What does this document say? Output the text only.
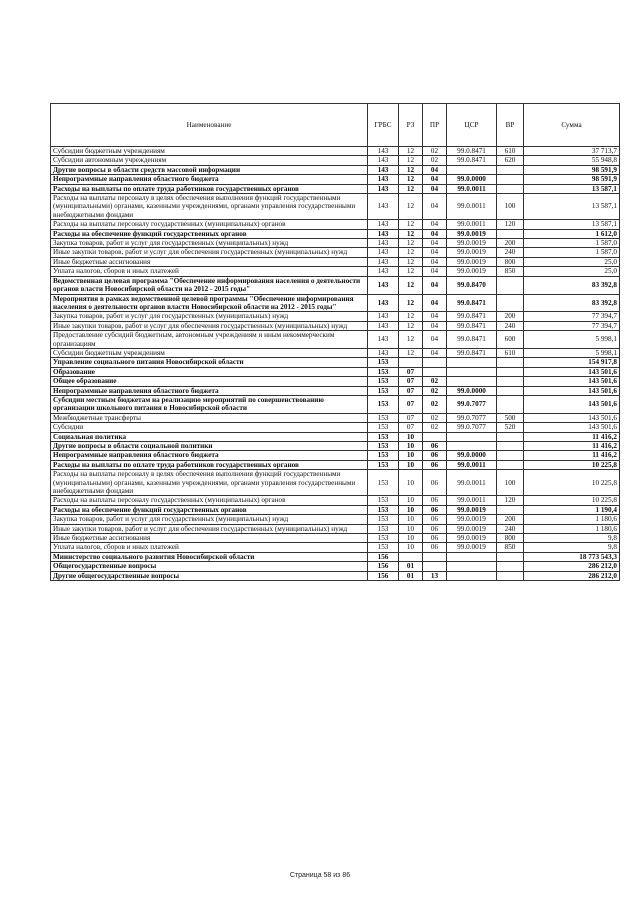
Наименование	ГРБС	РЗ	ПР	ЦСР	ВР	Сумма
Субсидии бюджетным учреждениям	143	12	02	99.0.8471	610	37 713,7
Субсидии автономным учреждениям	143	12	02	99.0.8471	620	55 948,8
Другие вопросы в области средств массовой информации	143	12	04			98 591,9
Непрограммные направления областного бюджета	143	12	04	99.0.0000		98 591,9
Расходы на выплаты по оплате труда работников государственных органов	143	12	04	99.0.0011		13 587,1
Расходы на выплаты персоналу в целях обеспечения выполнения функций государственными (муниципальными) органами, казенными учреждениями, органами управления государственными внебюджетными фондами	143	12	04	99.0.0011	100	13 587,1
Расходы на выплаты персоналу государственных (муниципальных) органов	143	12	04	99.0.0011	120	13 587,1
Расходы на обеспечение функций государственных органов	143	12	04	99.0.0019		1 612,0
Закупка товаров, работ и услуг для государственных (муниципальных) нужд	143	12	04	99.0.0019	200	1 587,0
Иные закупки товаров, работ и услуг для обеспечения государственных (муниципальных) нужд	143	12	04	99.0.0019	240	1 587,0
Иные бюджетные ассигнования	143	12	04	99.0.0019	800	25,0
Уплата налогов, сборов и иных платежей	143	12	04	99.0.0019	850	25,0
Ведомственная целевая программа "Обеспечение информирования населения о деятельности органов власти Новосибирской области на 2012 - 2015 годы"	143	12	04	99.0.8470		83 392,8
Мероприятия в рамках ведомственной целевой программы "Обеспечение информирования населения о деятельности органов власти Новосибирской области на 2012 - 2015 годы"	143	12	04	99.0.8471		83 392,8
Закупка товаров, работ и услуг для государственных (муниципальных) нужд	143	12	04	99.0.8471	200	77 394,7
Иные закупки товаров, работ и услуг для обеспечения государственных (муниципальных) нужд	143	12	04	99.0.8471	240	77 394,7
Предоставление субсидий бюджетным, автономным учреждениям и иным некоммерческим организациям	143	12	04	99.0.8471	600	5 998,1
Субсидии бюджетным учреждениям	143	12	04	99.0.8471	610	5 998,1
Управление социального питания Новосибирской области	153					154 917,8
Образование	153	07				143 501,6
Общее образование	153	07	02			143 501,6
Непрограммные направления областного бюджета	153	07	02	99.0.0000		143 501,6
Субсидии местным бюджетам на реализацию мероприятий по совершенствованию организации школьного питания в Новосибирской области	153	07	02	99.0.7077		143 501,6
Межбюджетные трансферты	153	07	02	99.0.7077	500	143 501,6
Субсидии	153	07	02	99.0.7077	520	143 501,6
Социальная политика	153	10				11 416,2
Другие вопросы в области социальной политики	153	10	06			11 416,2
Непрограммные направления областного бюджета	153	10	06	99.0.0000		11 416,2
Расходы на выплаты по оплате труда работников государственных органов	153	10	06	99.0.0011		10 225,8
Расходы на выплаты персоналу в целях обеспечения выполнения функций государственными (муниципальными) органами, казенными учреждениями, органами управления государственными внебюджетными фондами	153	10	06	99.0.0011	100	10 225,8
Расходы на выплаты персоналу государственных (муниципальных) органов	153	10	06	99.0.0011	120	10 225,8
Расходы на обеспечение функций государственных органов	153	10	06	99.0.0019		1 190,4
Закупка товаров, работ и услуг для государственных (муниципальных) нужд	153	10	06	99.0.0019	200	1 180,6
Иные закупки товаров, работ и услуг для обеспечения государственных (муниципальных) нужд	153	10	06	99.0.0019	240	1 180,6
Иные бюджетные ассигнования	153	10	06	99.0.0019	800	9,8
Уплата налогов, сборов и иных платежей	153	10	06	99.0.0019	850	9,8
Министерство социального развития Новосибирской области	156					18 773 543,3
Общегосударственные вопросы	156	01				286 212,0
Другие общегосударственные вопросы	156	01	13			286 212,0
Страница 58 из 86
